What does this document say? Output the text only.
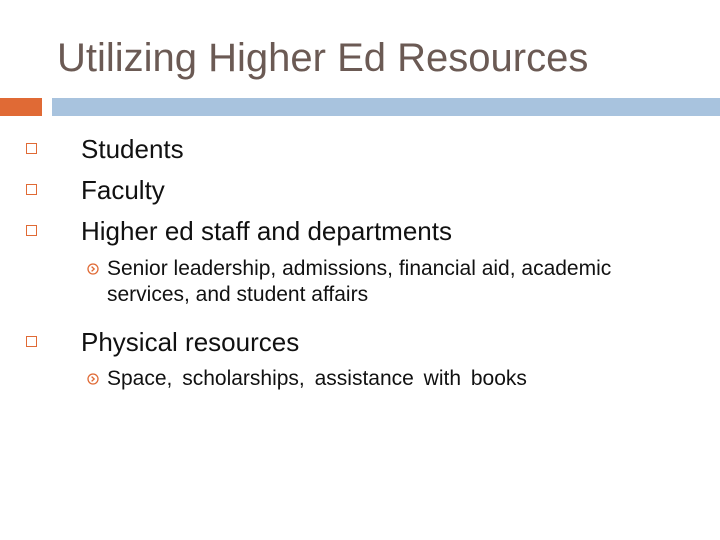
Utilizing Higher Ed Resources
Students
Faculty
Higher ed staff and departments
Senior leadership, admissions, financial aid, academic services, and student affairs
Physical resources
Space, scholarships, assistance with books
